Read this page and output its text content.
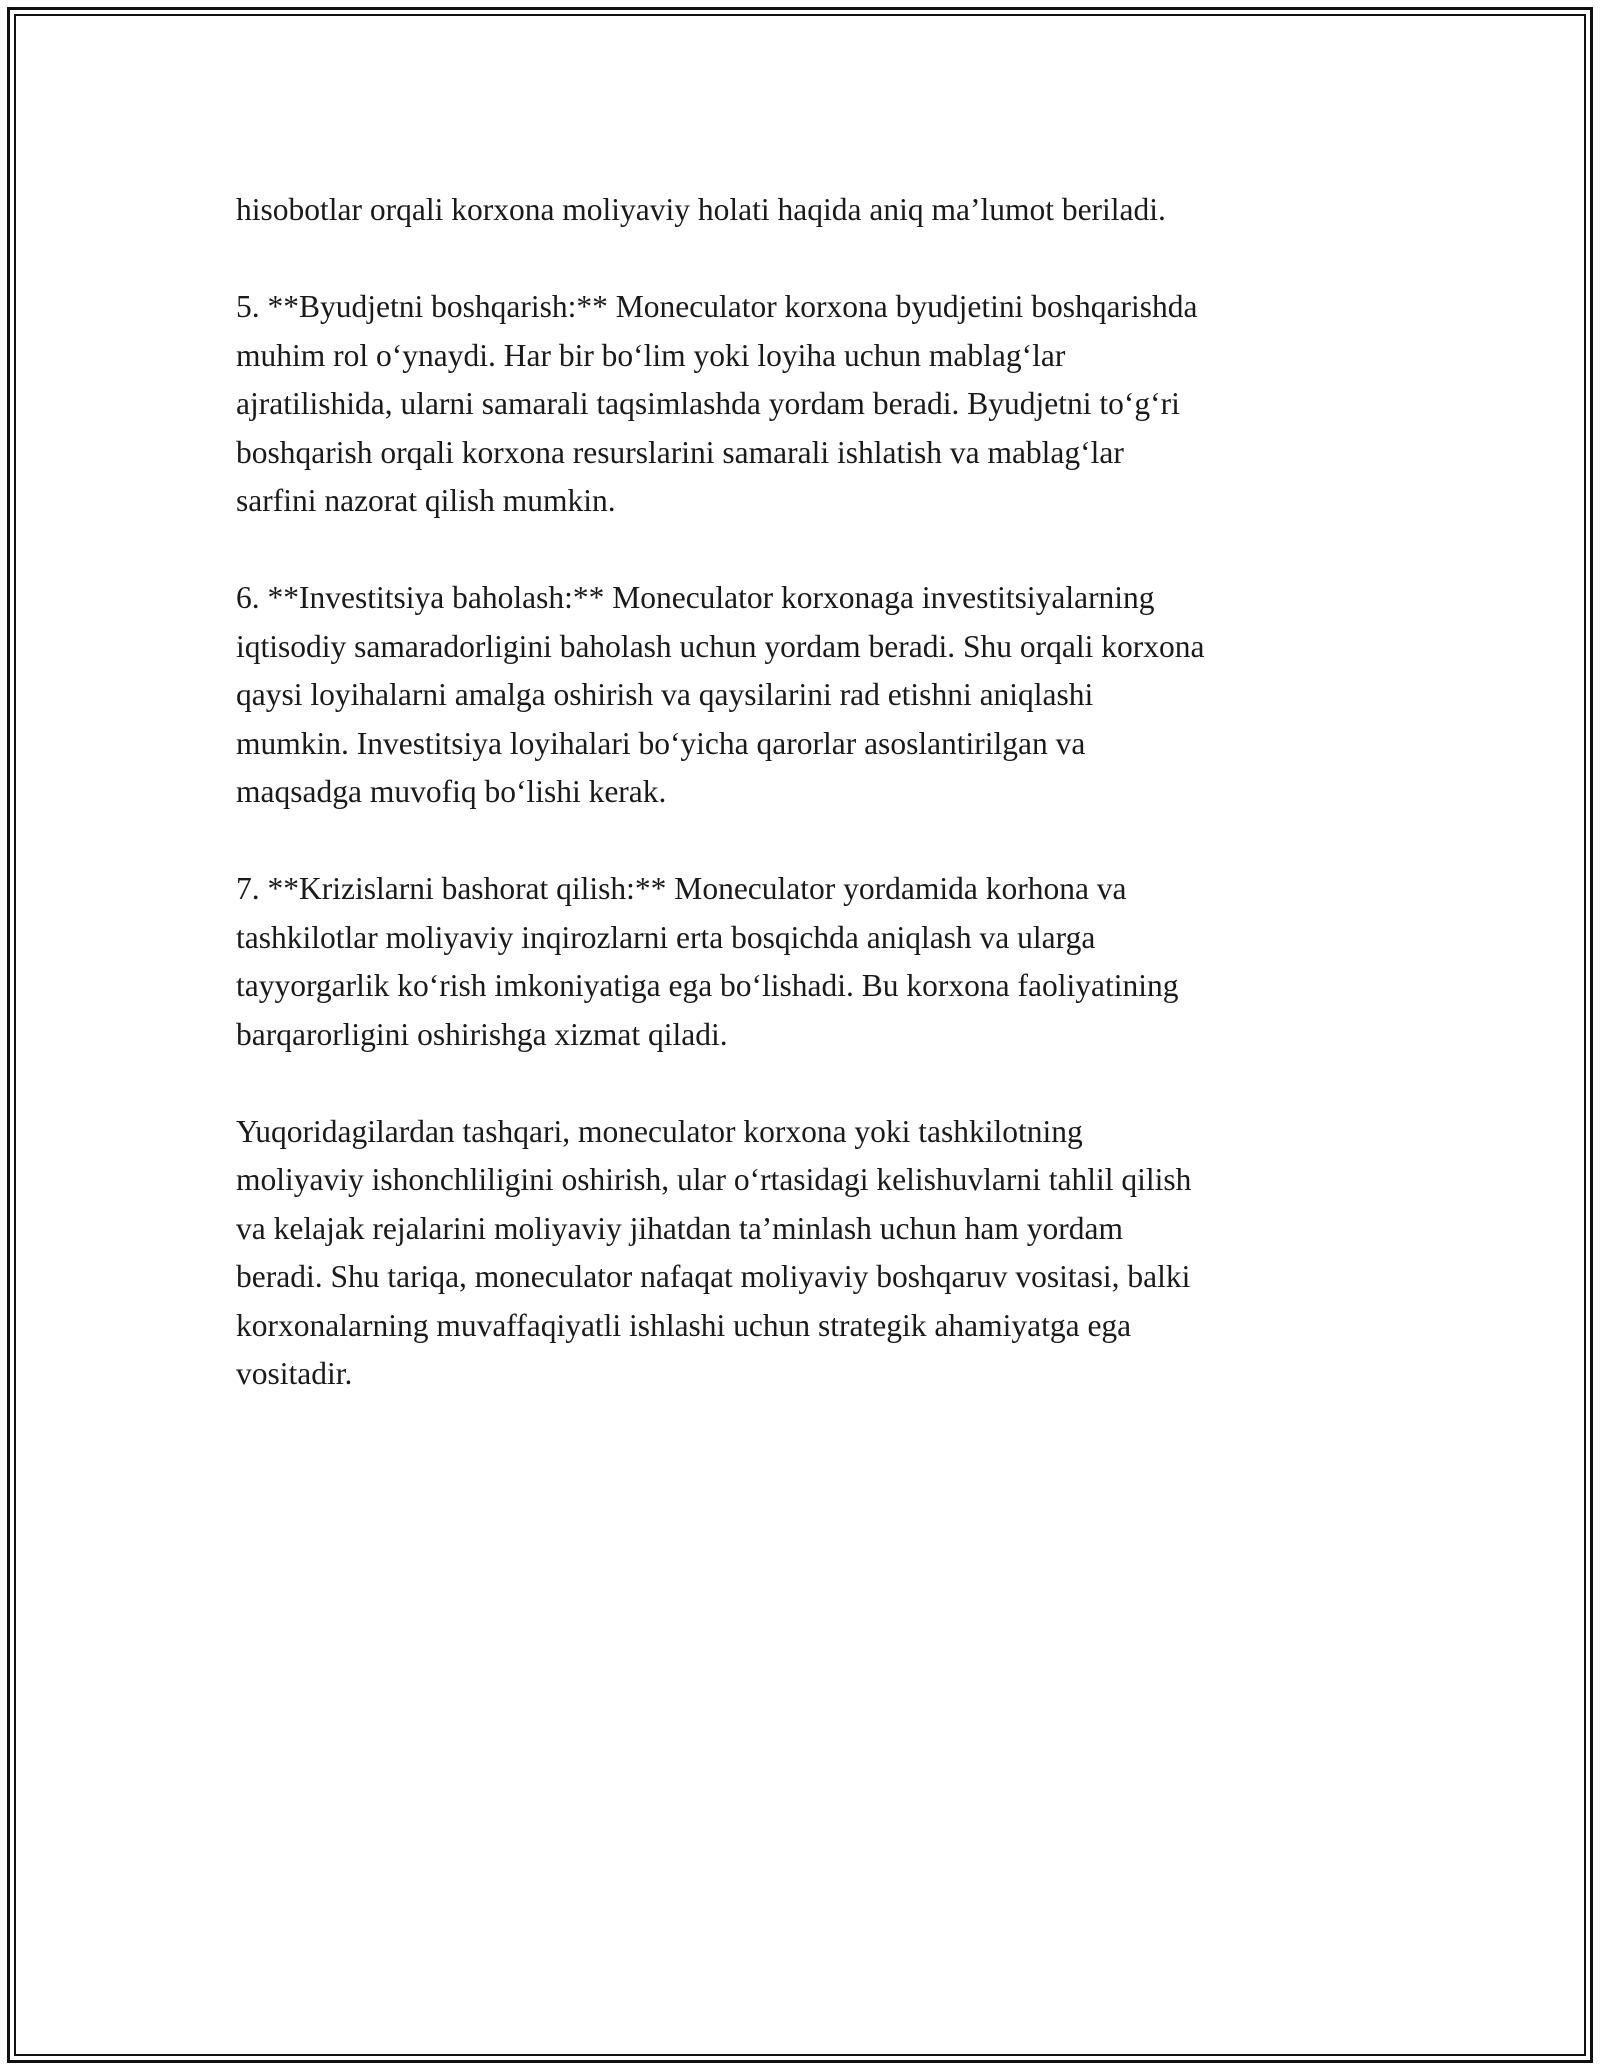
hisobotlar orqali korxona moliyaviy holati haqida aniq ma’lumot beriladi.

5. **Byudjetni boshqarish:** Moneculator korxona byudjetini boshqarishda
muhim rol o‘ynaydi. Har bir bo‘lim yoki loyiha uchun mablag‘lar
ajratilishida, ularni samarali taqsimlashda yordam beradi. Byudjetni to‘g‘ri
boshqarish orqali korxona resurslarini samarali ishlatish va mablag‘lar
sarfini nazorat qilish mumkin.

6. **Investitsiya baholash:** Moneculator korxonaga investitsiyalarning
iqtisodiy samaradorligini baholash uchun yordam beradi. Shu orqali korxona
qaysi loyihalarni amalga oshirish va qaysilarini rad etishni aniqlashi
mumkin. Investitsiya loyihalari bo‘yicha qarorlar asoslantirilgan va
maqsadga muvofiq bo‘lishi kerak.

7. **Krizislarni bashorat qilish:** Moneculator yordamida korhona va
tashkilotlar moliyaviy inqirozlarni erta bosqichda aniqlash va ularga
tayyorgarlik ko‘rish imkoniyatiga ega bo‘lishadi. Bu korxona faoliyatining
barqarorligini oshirishga xizmat qiladi.

Yuqoridagilardan tashqari, moneculator korxona yoki tashkilotning
moliyaviy ishonchliligini oshirish, ular o‘rtasidagi kelishuvlarni tahlil qilish
va kelajak rejalarini moliyaviy jihatdan ta’minlash uchun ham yordam
beradi. Shu tariqa, moneculator nafaqat moliyaviy boshqaruv vositasi, balki
korxonalarning muvaffaqiyatli ishlashi uchun strategik ahamiyatga ega
vositadir.
